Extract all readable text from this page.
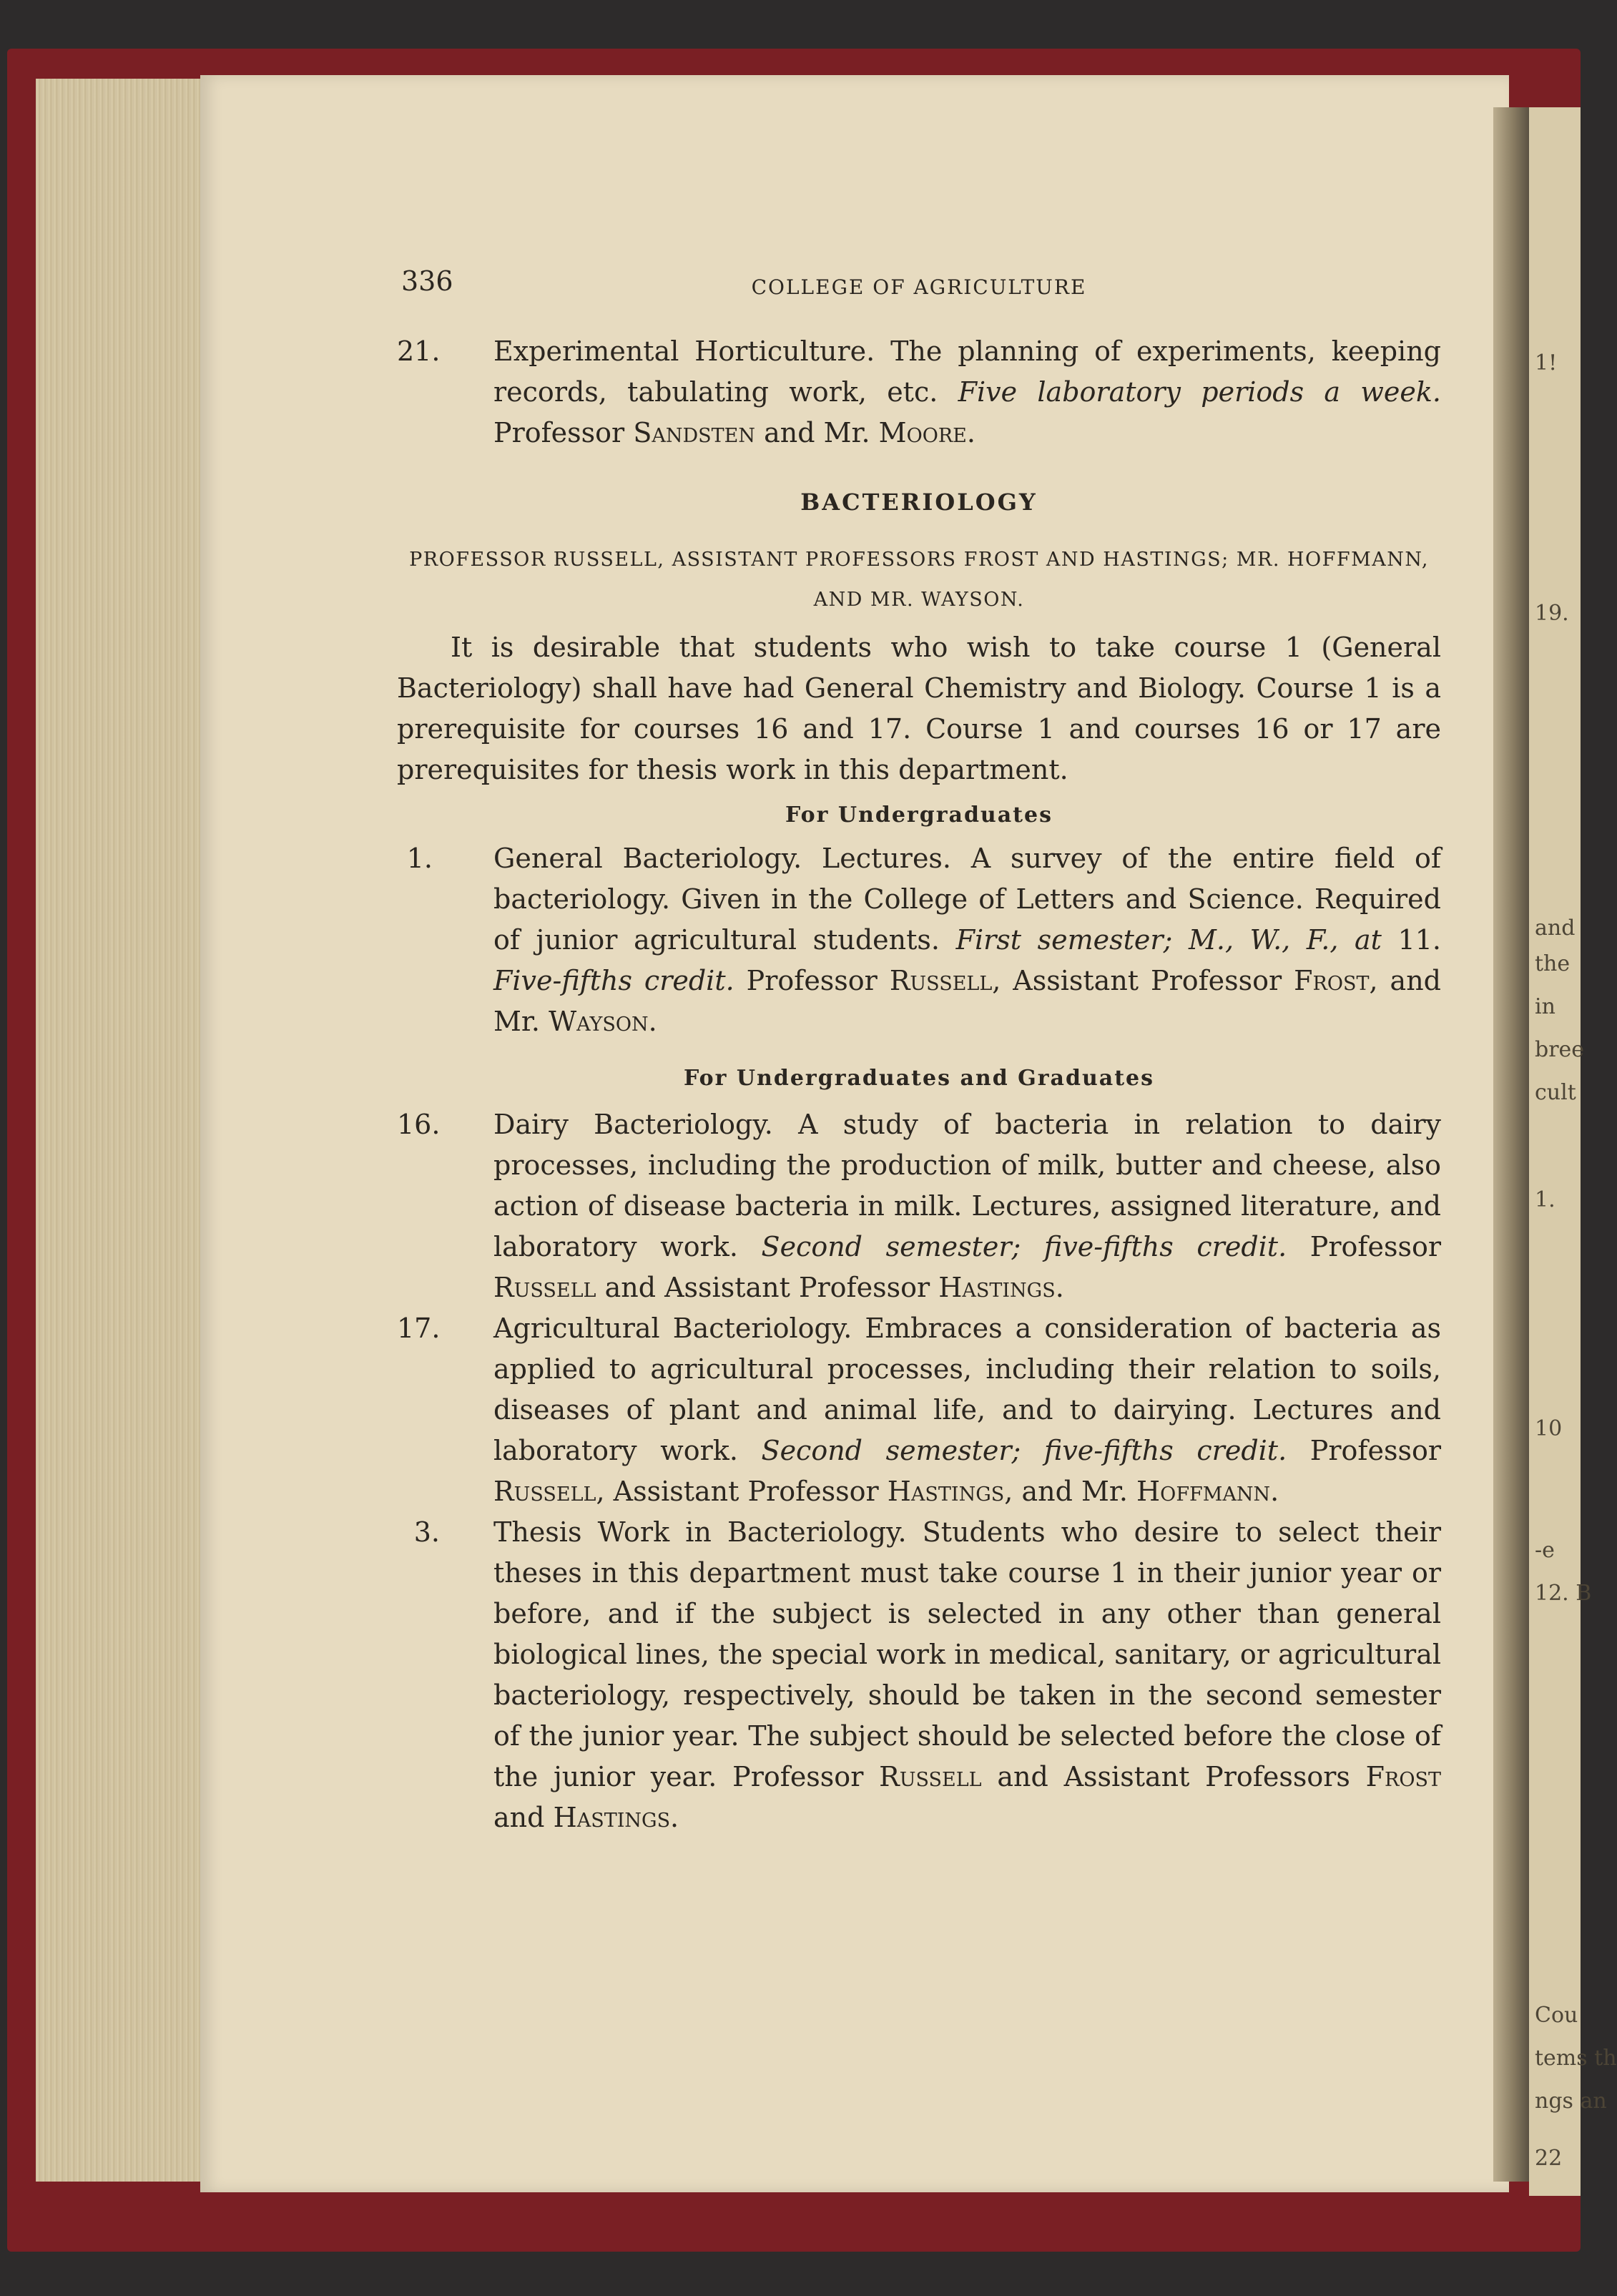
1!
19.
and
the
in
bree
cult
1.
10
-e
12. B
Cou
tems th
ngs an
22
336	COLLEGE OF AGRICULTURE

21. Experimental Horticulture. The planning of experiments, keeping records, tabulating work, etc. Five laboratory periods a week. Professor Sandsten and Mr. Moore.

BACTERIOLOGY
PROFESSOR RUSSELL, ASSISTANT PROFESSORS FROST AND HASTINGS; MR. HOFFMANN, AND MR. WAYSON.

It is desirable that students who wish to take course 1 (General Bacteriology) shall have had General Chemistry and Biology. Course 1 is a prerequisite for courses 16 and 17. Course 1 and courses 16 or 17 are prerequisites for thesis work in this department.

For Undergraduates

1. General Bacteriology. Lectures. A survey of the entire field of bacteriology. Given in the College of Letters and Science. Required of junior agricultural students. First semester; M., W., F., at 11. Five-fifths credit. Professor Russell, Assistant Professor Frost, and Mr. Wayson.

For Undergraduates and Graduates

16. Dairy Bacteriology. A study of bacteria in relation to dairy processes, including the production of milk, butter and cheese, also action of disease bacteria in milk. Lectures, assigned literature, and laboratory work. Second semester; five-fifths credit. Professor Russell and Assistant Professor Hastings.

17. Agricultural Bacteriology. Embraces a consideration of bacteria as applied to agricultural processes, including their relation to soils, diseases of plant and animal life, and to dairying. Lectures and laboratory work. Second semester; five-fifths credit. Professor Russell, Assistant Professor Hastings, and Mr. Hoffmann.

3. Thesis Work in Bacteriology. Students who desire to select their theses in this department must take course 1 in their junior year or before, and if the subject is selected in any other than general biological lines, the special work in medical, sanitary, or agricultural bacteriology, respectively, should be taken in the second semester of the junior year. The subject should be selected before the close of the junior year. Professor Russell and Assistant Professors Frost and Hastings.
